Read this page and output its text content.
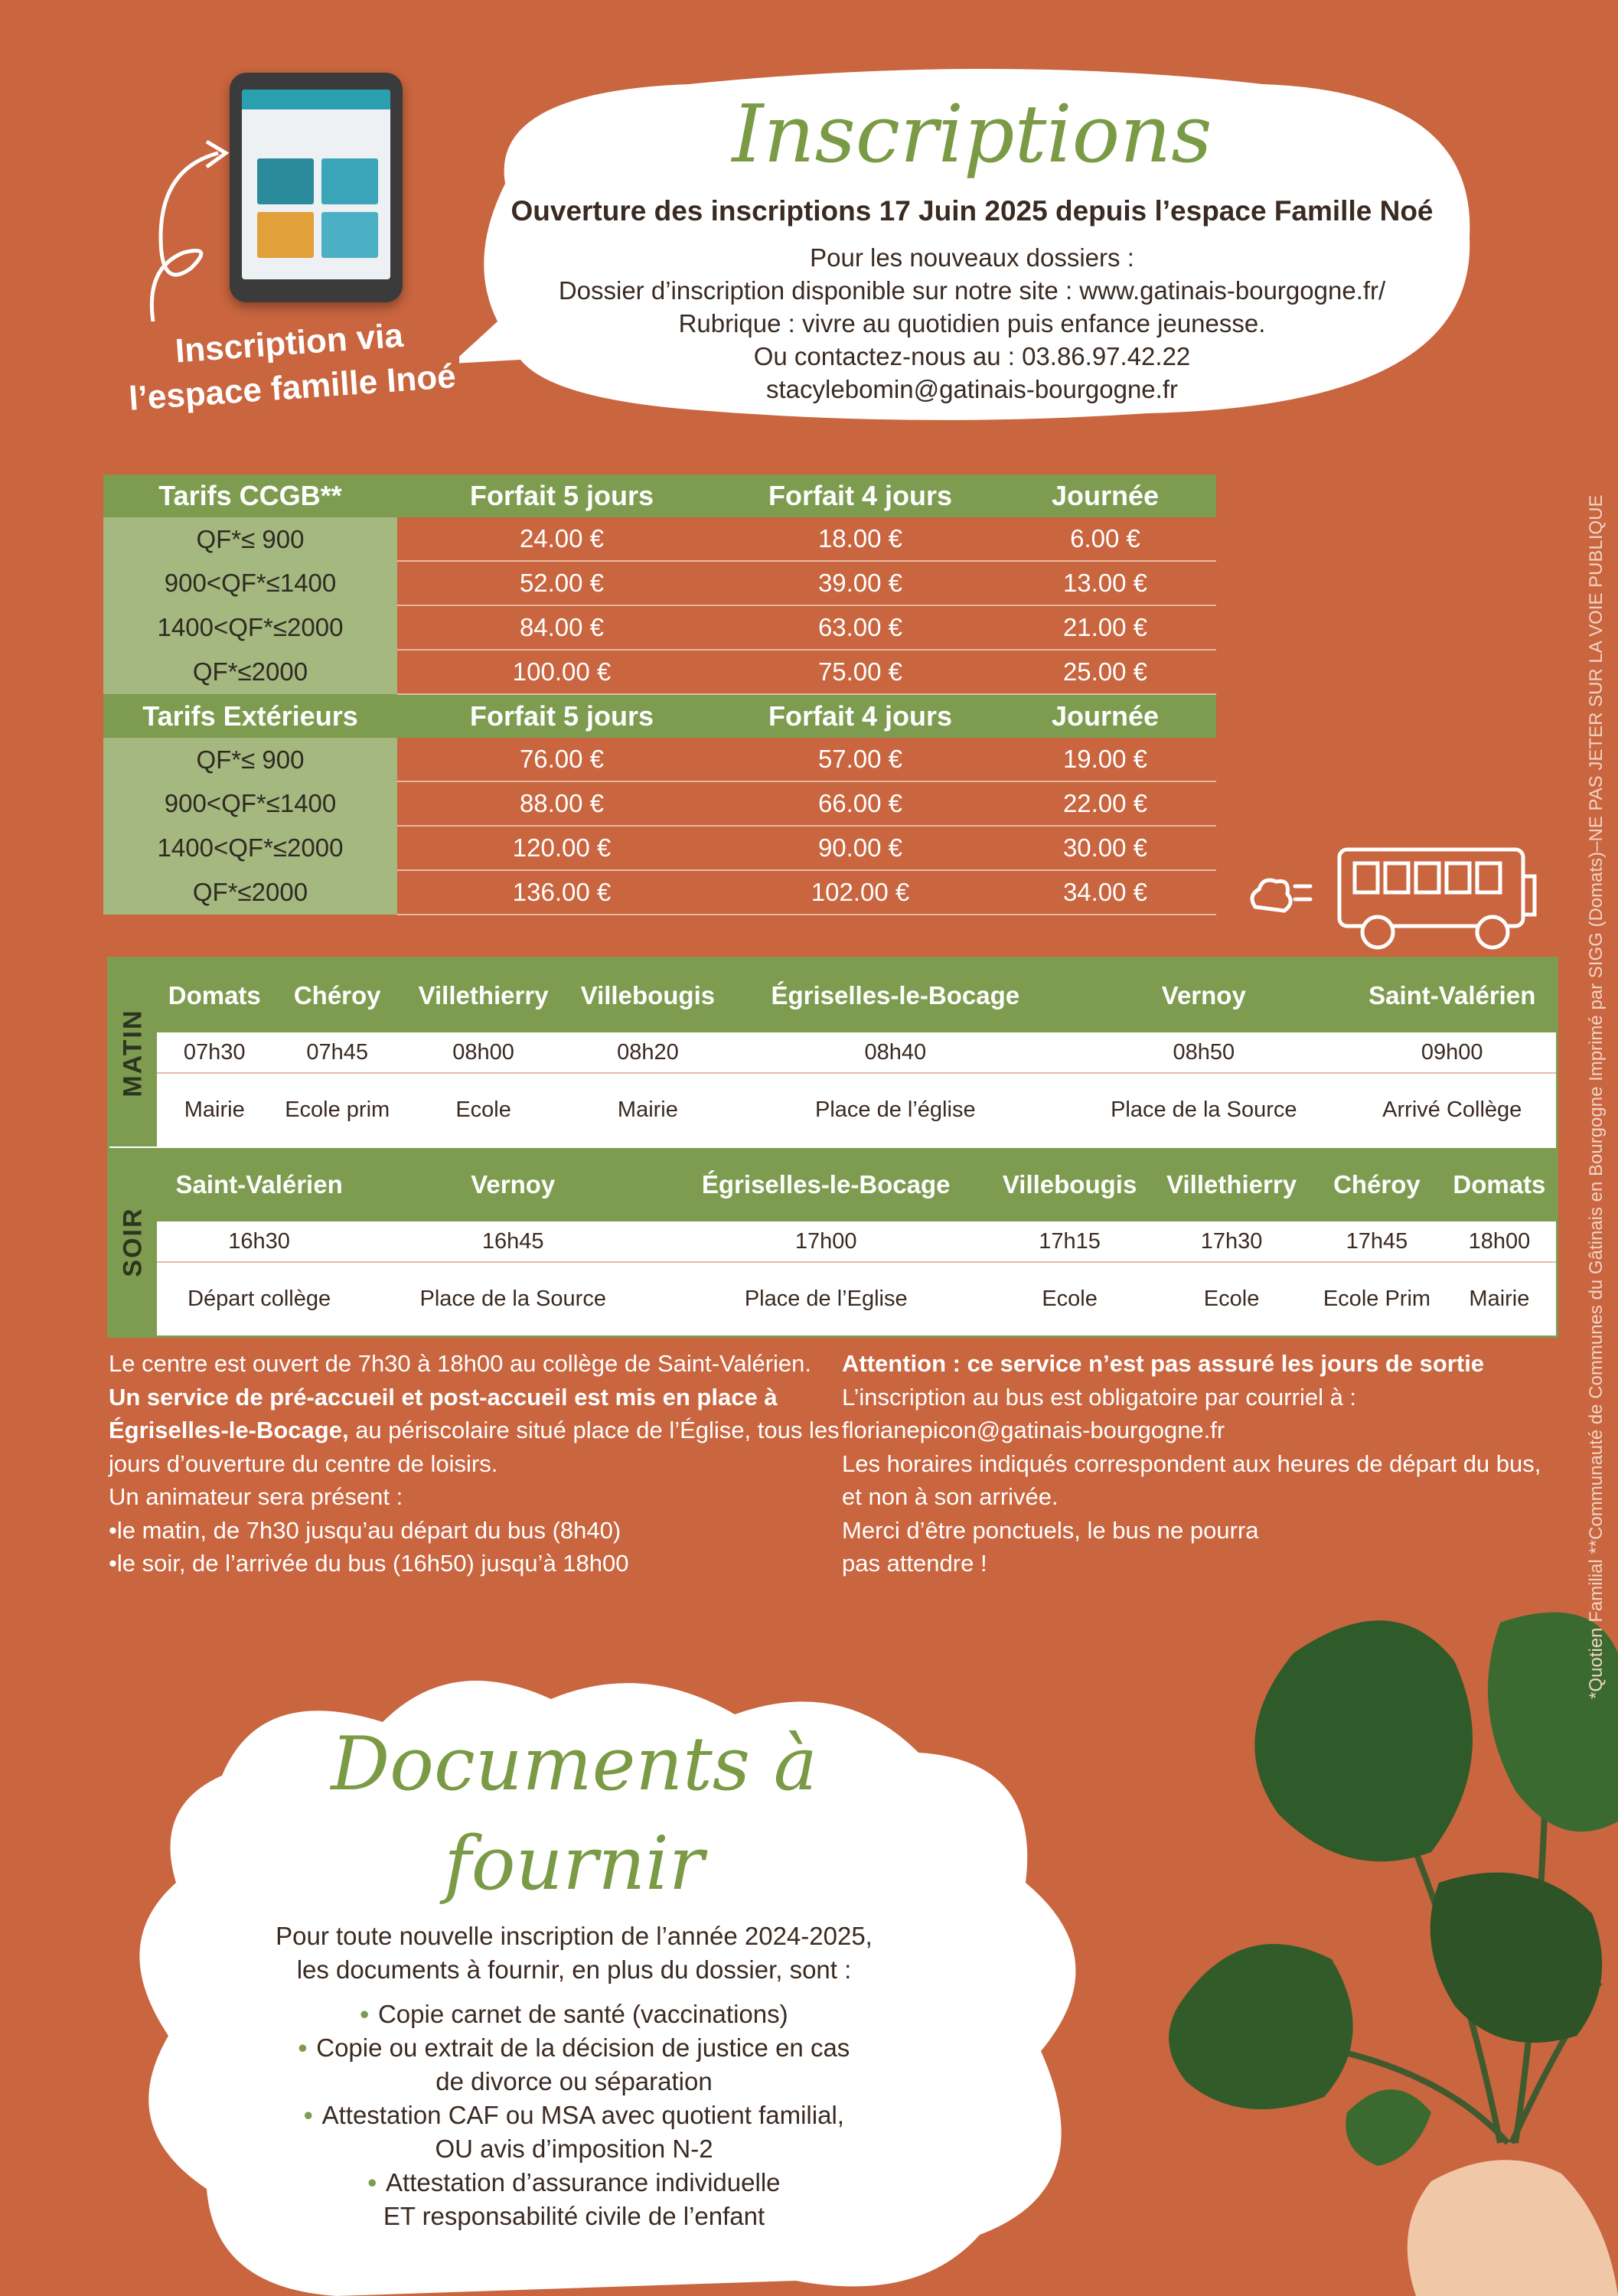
Inscription via
l’espace famille Inoé
Inscriptions
Ouverture des inscriptions 17 Juin 2025 depuis l’espace Famille Noé
Pour les nouveaux dossiers :
Dossier d’inscription disponible sur notre site : www.gatinais-bourgogne.fr/
Rubrique : vivre au quotidien puis enfance jeunesse.
Ou contactez-nous au : 03.86.97.42.22
stacylebomin@gatinais-bourgogne.fr
Tarifs CCGB**	Forfait 5 jours	Forfait 4 jours	Journée
QF*≤ 900	24.00 €	18.00 €	6.00 €
900<QF*≤1400	52.00 €	39.00 €	13.00 €
1400<QF*≤2000	84.00 €	63.00 €	21.00 €
QF*≤2000	100.00 €	75.00 €	25.00 €
Tarifs Extérieurs	Forfait 5 jours	Forfait 4 jours	Journée
QF*≤ 900	76.00 €	57.00 €	19.00 €
900<QF*≤1400	88.00 €	66.00 €	22.00 €
1400<QF*≤2000	120.00 €	90.00 €	30.00 €
QF*≤2000	136.00 €	102.00 €	34.00 €
MATIN
SOIR
Domats	Chéroy	Villethierry	Villebougis	Égriselles-le-Bocage	Vernoy	Saint-Valérien
07h30	07h45	08h00	08h20	08h40	08h50	09h00
Mairie	Ecole prim	Ecole	Mairie	Place de l’église	Place de la Source	Arrivé Collège
Saint-Valérien	Vernoy	Égriselles-le-Bocage	Villebougis	Villethierry	Chéroy	Domats
16h30	16h45	17h00	17h15	17h30	17h45	18h00
Départ collège	Place de la Source	Place de l’Eglise	Ecole	Ecole	Ecole Prim	Mairie
Le centre est ouvert de 7h30 à 18h00 au collège de Saint-Valérien.
Un service de pré-accueil et post-accueil est mis en place à Égriselles-le-Bocage, au périscolaire situé place de l’Église, tous les jours d’ouverture du centre de loisirs.
Un animateur sera présent :
•le matin, de 7h30 jusqu’au départ du bus (8h40)
•le soir, de l’arrivée du bus (16h50) jusqu’à 18h00
Attention : ce service n’est pas assuré les jours de sortie
L’inscription au bus est obligatoire par courriel à :
florianepicon@gatinais-bourgogne.fr
Les horaires indiqués correspondent aux heures de départ du bus, et non à son arrivée.
Merci d’être ponctuels, le bus ne pourra
pas attendre !
Documents à fournir
Pour toute nouvelle inscription de l’année 2024-2025,
les documents à fournir, en plus du dossier, sont :
• Copie carnet de santé (vaccinations)
• Copie ou extrait de la décision de justice en cas
de divorce ou séparation
• Attestation CAF ou MSA avec quotient familial,
OU avis d’imposition N-2
• Attestation d’assurance individuelle
ET responsabilité civile de l’enfant
*Quotien Familial **Communauté de Communes du Gâtinais en Bourgogne Imprimé par SIGG (Domats)–NE PAS JETER SUR LA VOIE PUBLIQUE
